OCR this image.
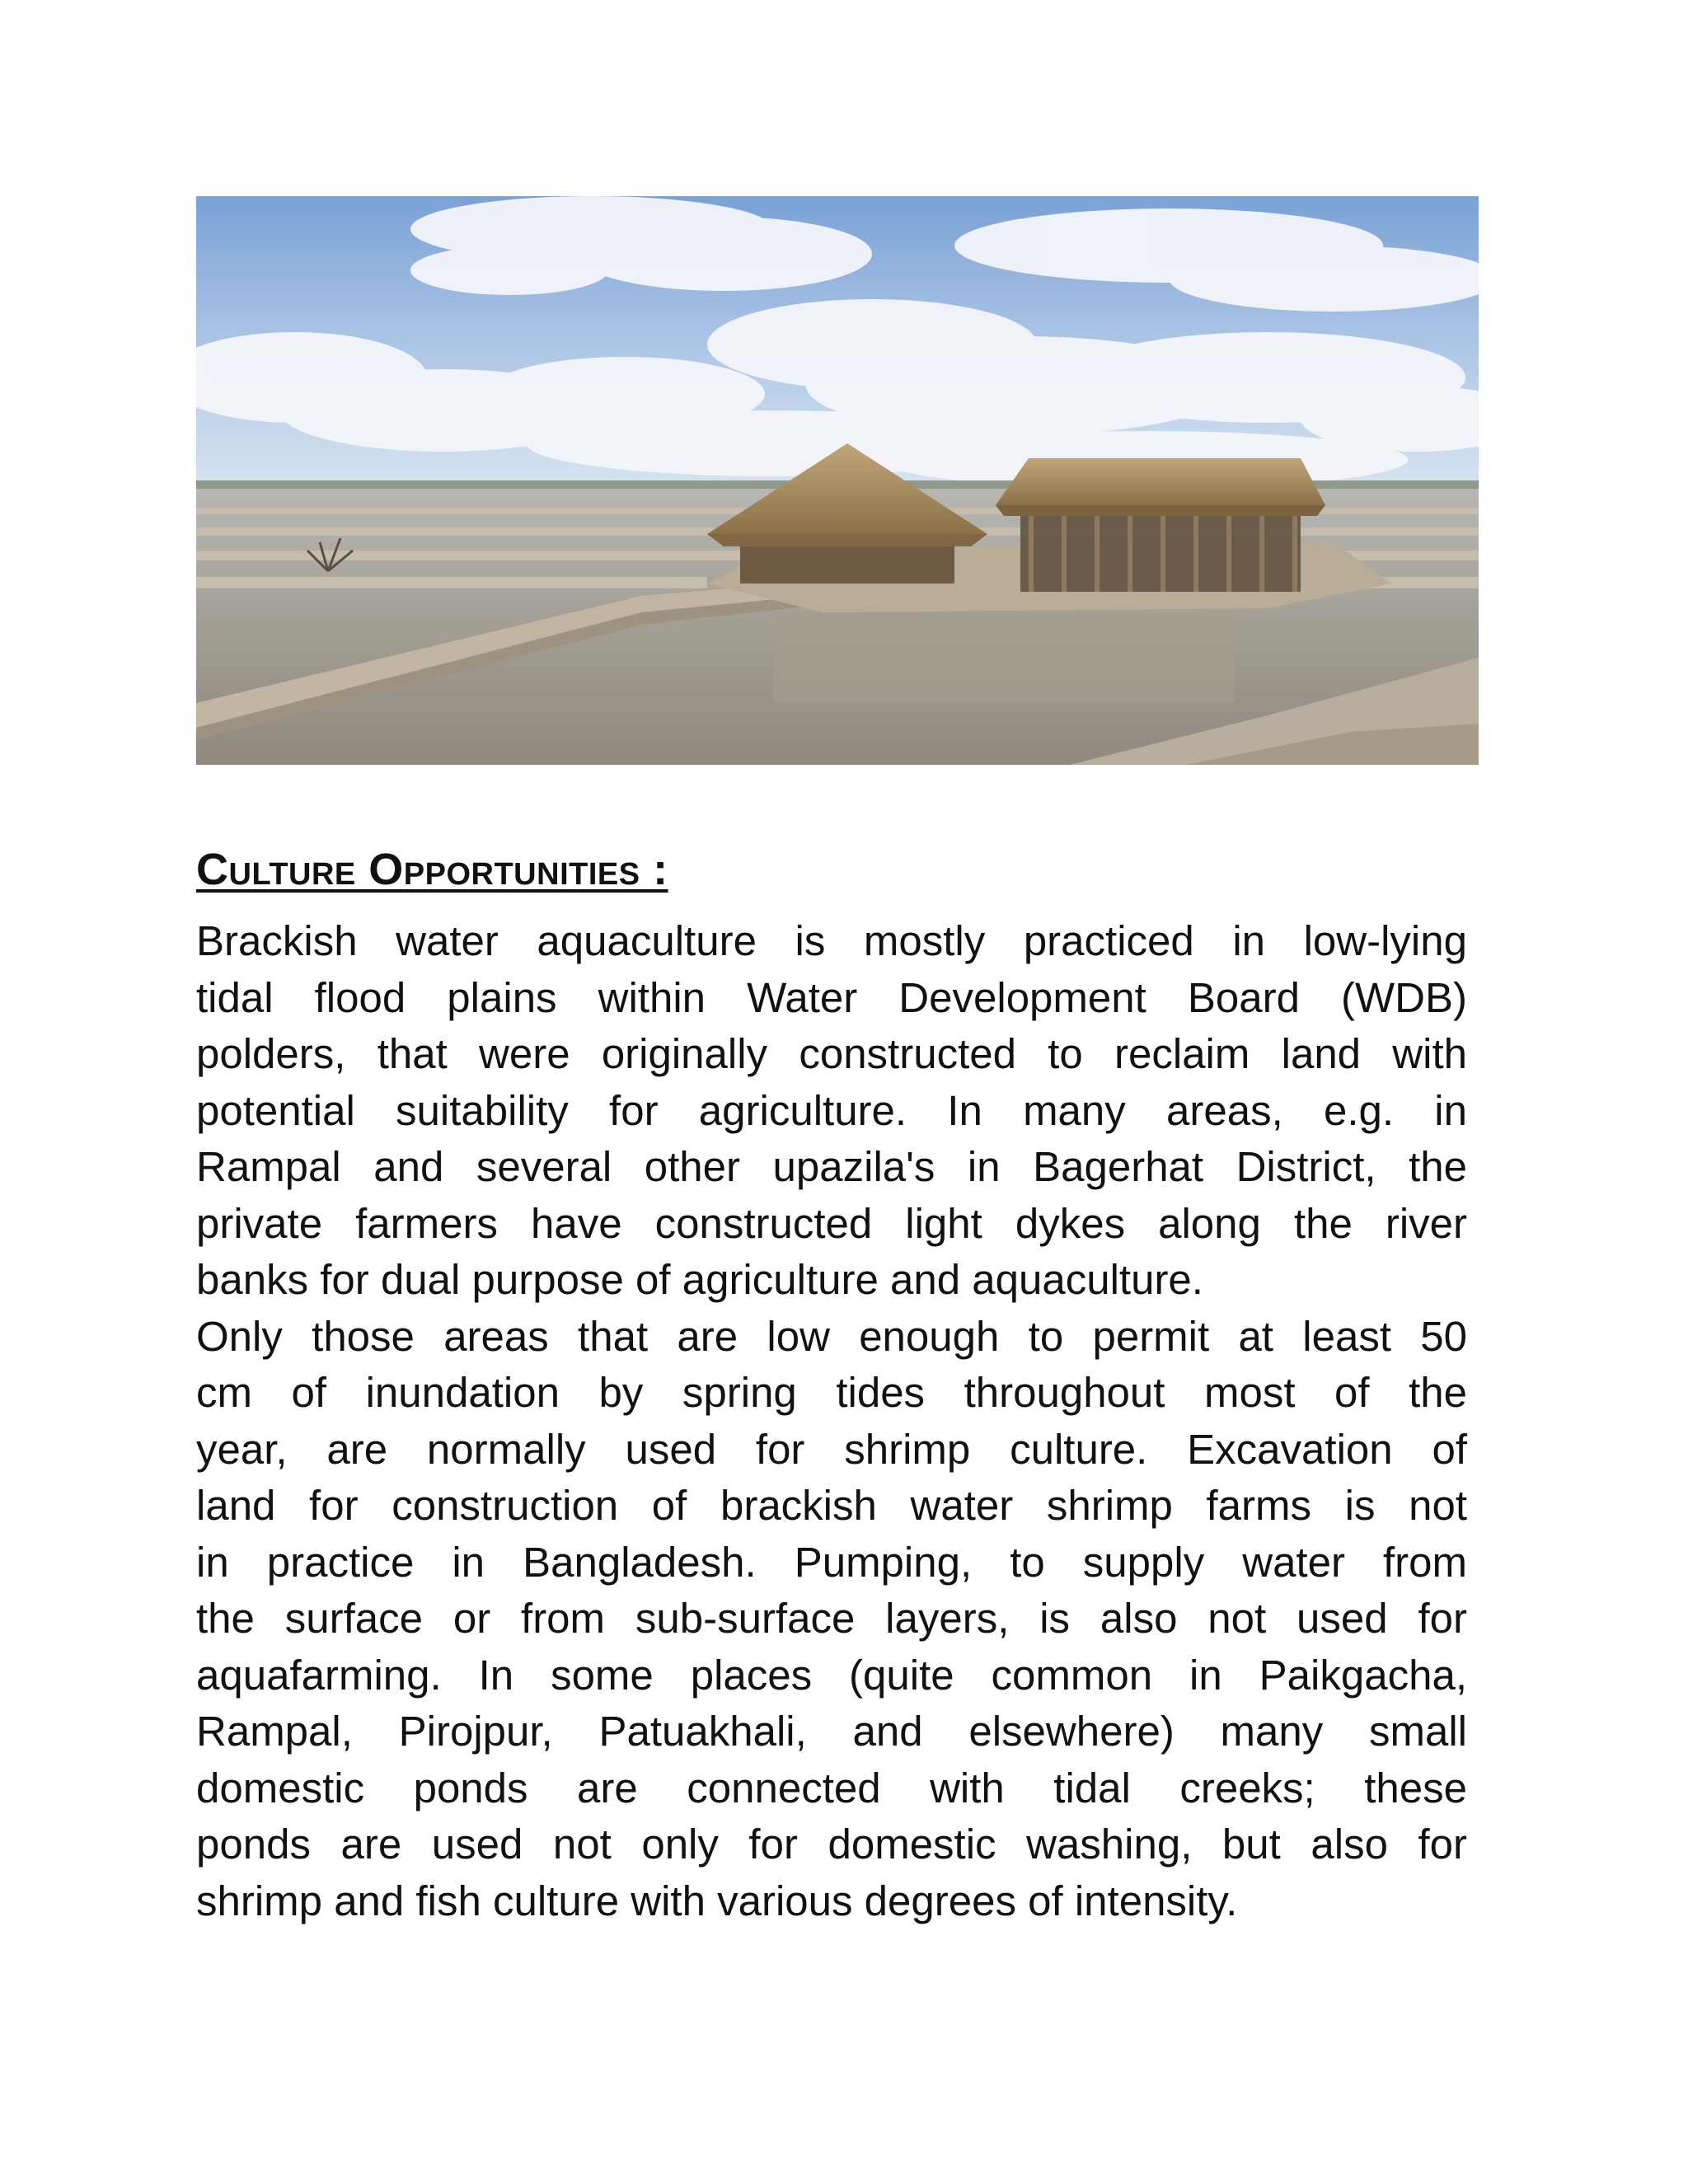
Culture Opportunities :
Brackish water aquaculture is mostly practiced in low-lying
tidal flood plains within Water Development Board (WDB)
polders, that were originally constructed to reclaim land with
potential suitability for agriculture. In many areas, e.g. in
Rampal and several other upazila's in Bagerhat District, the
private farmers have constructed light dykes along the river
banks for dual purpose of agriculture and aquaculture.
Only those areas that are low enough to permit at least 50
cm of inundation by spring tides throughout most of the
year, are normally used for shrimp culture. Excavation of
land for construction of brackish water shrimp farms is not
in practice in Bangladesh. Pumping, to supply water from
the surface or from sub-surface layers, is also not used for
aquafarming. In some places (quite common in Paikgacha,
Rampal, Pirojpur, Patuakhali, and elsewhere) many small
domestic ponds are connected with tidal creeks; these
ponds are used not only for domestic washing, but also for
shrimp and fish culture with various degrees of intensity.
